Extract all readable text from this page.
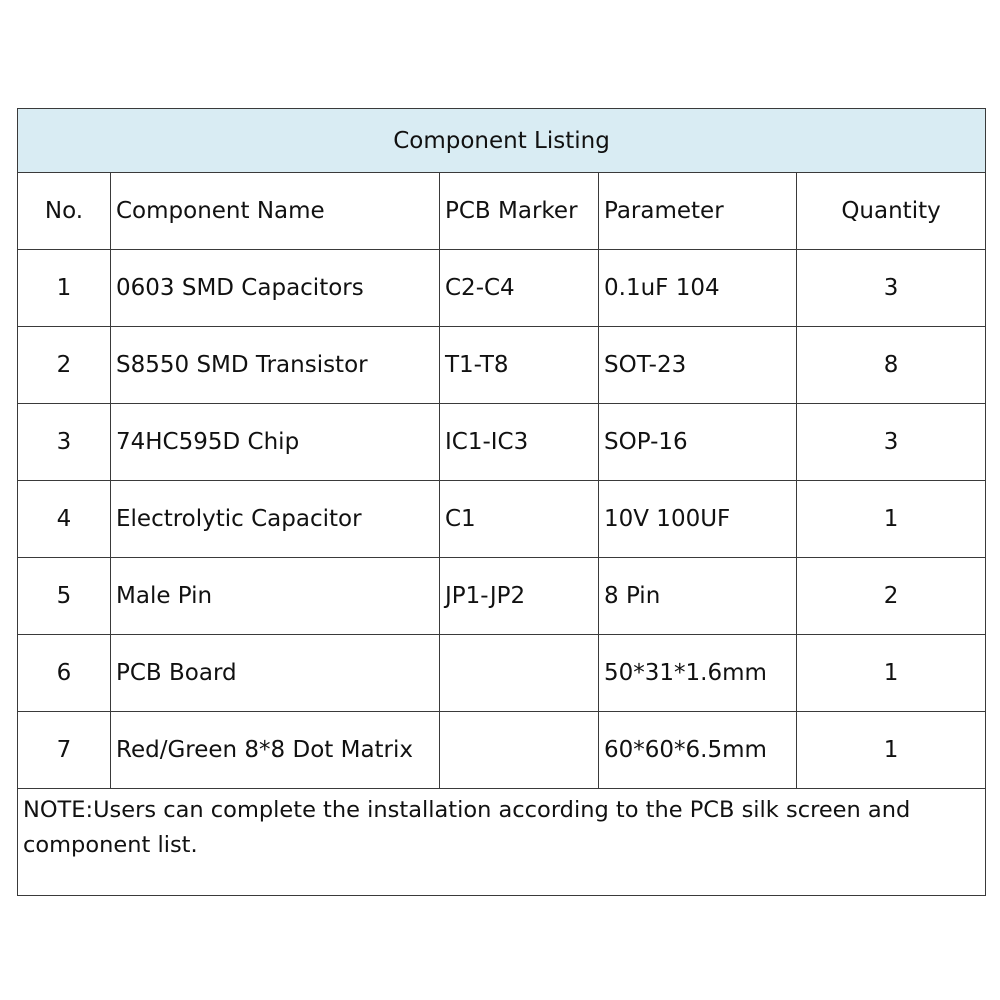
Component Listing				
No.	Component Name	PCB Marker	Parameter	Quantity
1	0603 SMD Capacitors	C2-C4	0.1uF 104	3
2	S8550 SMD Transistor	T1-T8	SOT-23	8
3	74HC595D Chip	IC1-IC3	SOP-16	3
4	Electrolytic Capacitor	C1	10V 100UF	1
5	Male Pin	JP1-JP2	8 Pin	2
6	PCB Board		50*31*1.6mm	1
7	Red/Green 8*8 Dot Matrix		60*60*6.5mm	1
NOTE:Users can complete the installation according to the PCB silk screen and component list.				
